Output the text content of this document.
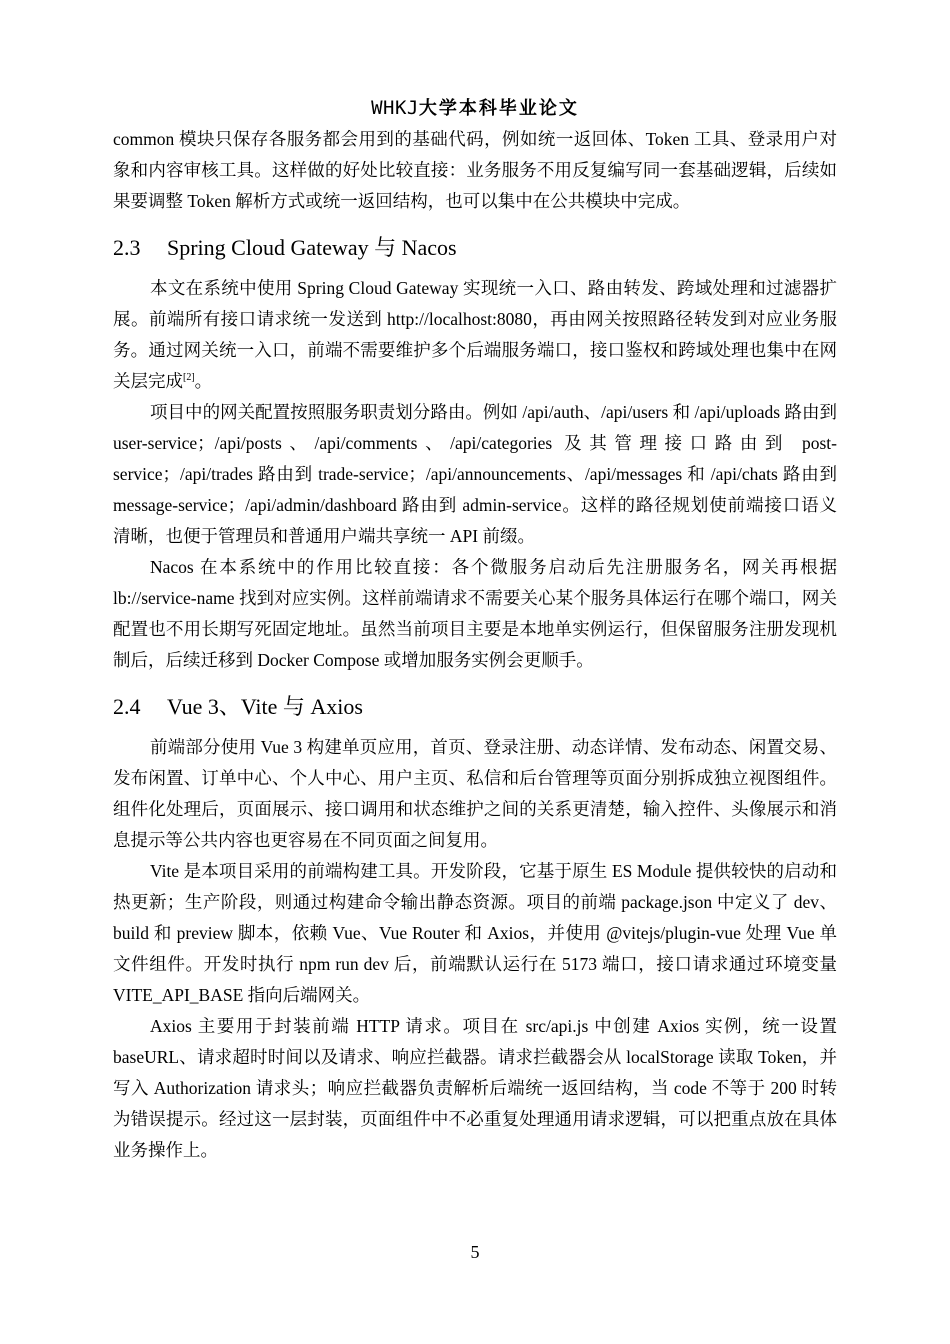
WHKJ大学本科毕业论文

common 模块只保存各服务都会用到的基础代码，例如统一返回体、Token 工具、登录用户对象和内容审核工具。这样做的好处比较直接：业务服务不用反复编写同一套基础逻辑，后续如果要调整 Token 解析方式或统一返回结构，也可以集中在公共模块中完成。

2.3	Spring Cloud Gateway 与 Nacos

本文在系统中使用 Spring Cloud Gateway 实现统一入口、路由转发、跨域处理和过滤器扩展。前端所有接口请求统一发送到 http://localhost:8080，再由网关按照路径转发到对应业务服务。通过网关统一入口，前端不需要维护多个后端服务端口，接口鉴权和跨域处理也集中在网关层完成[2]。

项目中的网关配置按照服务职责划分路由。例如 /api/auth、/api/users 和 /api/uploads 路由到 user-service；/api/posts、/api/comments、/api/categories 及其管理接口路由到 post-service；/api/trades 路由到 trade-service；/api/announcements、/api/messages 和 /api/chats 路由到 message-service；/api/admin/dashboard 路由到 admin-service。这样的路径规划使前端接口语义清晰，也便于管理员和普通用户端共享统一 API 前缀。

Nacos 在本系统中的作用比较直接：各个微服务启动后先注册服务名，网关再根据 lb://service-name 找到对应实例。这样前端请求不需要关心某个服务具体运行在哪个端口，网关配置也不用长期写死固定地址。虽然当前项目主要是本地单实例运行，但保留服务注册发现机制后，后续迁移到 Docker Compose 或增加服务实例会更顺手。

2.4	Vue 3、Vite 与 Axios

前端部分使用 Vue 3 构建单页应用，首页、登录注册、动态详情、发布动态、闲置交易、发布闲置、订单中心、个人中心、用户主页、私信和后台管理等页面分别拆成独立视图组件。组件化处理后，页面展示、接口调用和状态维护之间的关系更清楚，输入控件、头像展示和消息提示等公共内容也更容易在不同页面之间复用。

Vite 是本项目采用的前端构建工具。开发阶段，它基于原生 ES Module 提供较快的启动和热更新；生产阶段，则通过构建命令输出静态资源。项目的前端 package.json 中定义了 dev、build 和 preview 脚本，依赖 Vue、Vue Router 和 Axios，并使用 @vitejs/plugin-vue 处理 Vue 单文件组件。开发时执行 npm run dev 后，前端默认运行在 5173 端口，接口请求通过环境变量 VITE_API_BASE 指向后端网关。

Axios 主要用于封装前端 HTTP 请求。项目在 src/api.js 中创建 Axios 实例，统一设置 baseURL、请求超时时间以及请求、响应拦截器。请求拦截器会从 localStorage 读取 Token，并写入 Authorization 请求头；响应拦截器负责解析后端统一返回结构，当 code 不等于 200 时转为错误提示。经过这一层封装，页面组件中不必重复处理通用请求逻辑，可以把重点放在具体业务操作上。

5
